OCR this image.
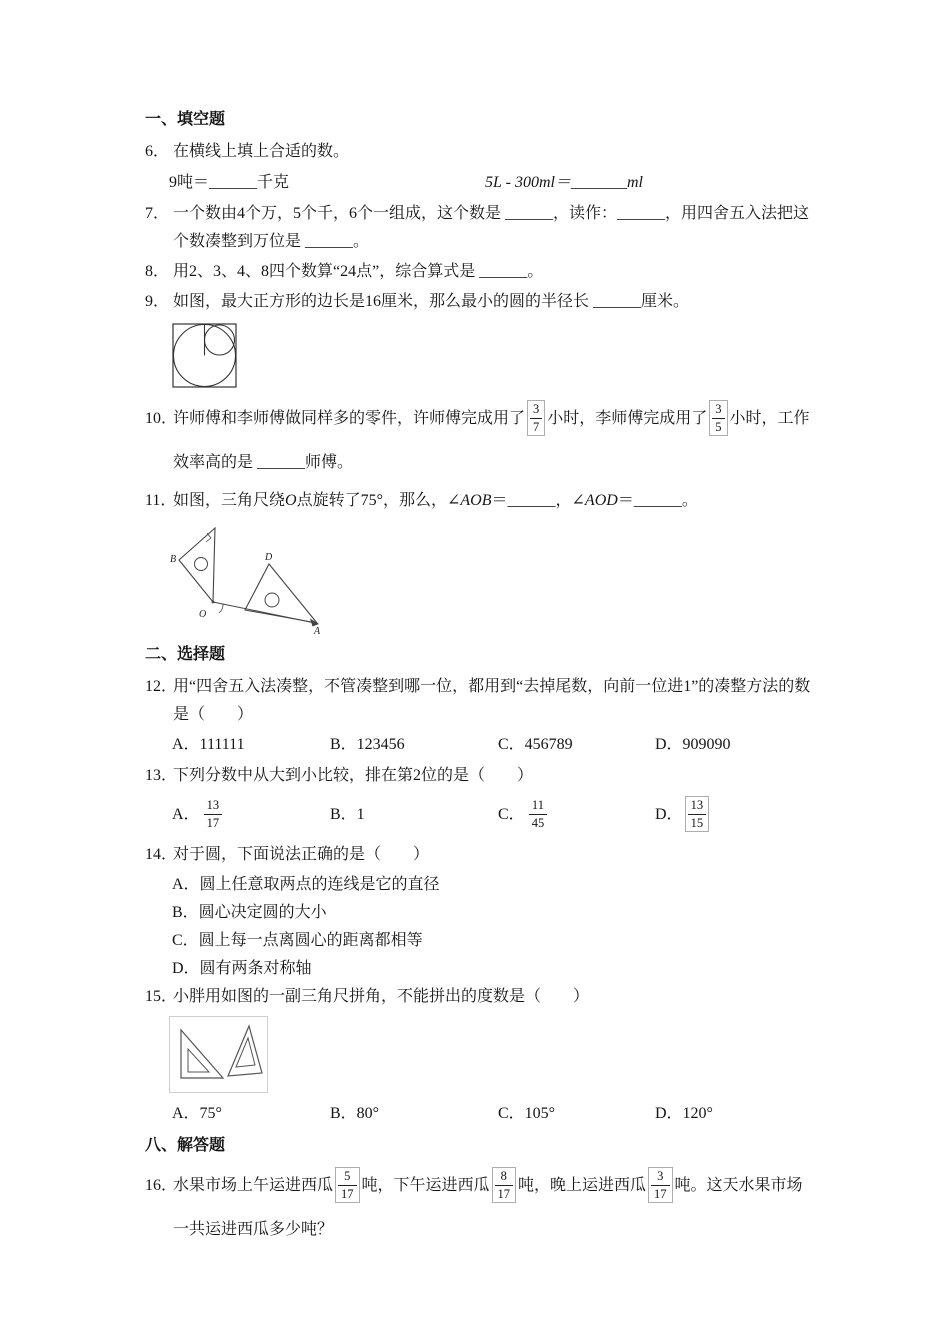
一、填空题
6． 在横线上填上合适的数。
9吨＝______千克	5L - 300ml＝_______ml
7． 一个数由4个万，5个千，6个一组成，这个数是 ______，读作：______，用四舍五入法把这个数凑整到万位是 ______。
8． 用2、3、4、8四个数算“24点”，综合算式是 ______。
9． 如图，最大正方形的边长是16厘米，那么最小的圆的半径长 ______厘米。
10．
许师傅和李师傅做同样多的零件，许师傅完成用了 $\frac{3}{7}$ 小时，李师傅完成用了 $\frac{3}{5}$ 小时，工作效率高的是 ______师傅。
11．
如图，三角尺绕O点旋转了75°，那么，∠AOB＝______，∠AOD＝______。
B
O
A
D
二、选择题
12．
用“四舍五入法凑整，不管凑整到哪一位，都用到“去掉尾数，向前一位进1”的凑整方法的数是（　　）
A．111111	B．123456	C．456789	D．909090
13．
下列分数中从大到小比较，排在第2位的是（　　）
A． $\frac{13}{17}$	B．1	C． $\frac{11}{45}$	D． $\frac{13}{15}$
14．
对于圆，下面说法正确的是（　　）
A．圆上任意取两点的连线是它的直径
B．圆心决定圆的大小
C．圆上每一点离圆心的距离都相等
D．圆有两条对称轴
15．
小胖用如图的一副三角尺拼角，不能拼出的度数是（　　）
A．75°	B．80°	C．105°	D．120°
八、解答题
16．
水果市场上午运进西瓜 $\frac{5}{17}$ 吨，下午运进西瓜 $\frac{8}{17}$ 吨，晚上运进西瓜 $\frac{3}{17}$ 吨。这天水果市场一共运进西瓜多少吨？
